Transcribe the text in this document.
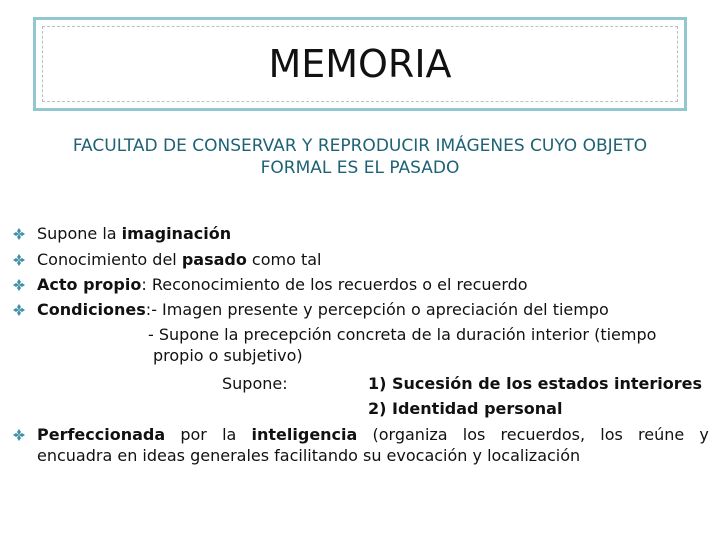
MEMORIA
FACULTAD DE CONSERVAR Y REPRODUCIR IMÁGENES CUYO OBJETO
FORMAL ES EL PASADO
Supone la imaginación
Conocimiento del pasado como tal
Acto propio: Reconocimiento de los recuerdos o el recuerdo
Condiciones:- Imagen presente y percepción o apreciación del tiempo
- Supone la precepción concreta de la duración interior (tiempo
propio o subjetivo)
Supone:	1) Sucesión de los estados interiores
2) Identidad personal
Perfeccionada por la inteligencia (organiza los recuerdos, los reúne y
encuadra en ideas generales facilitando su evocación y localización
